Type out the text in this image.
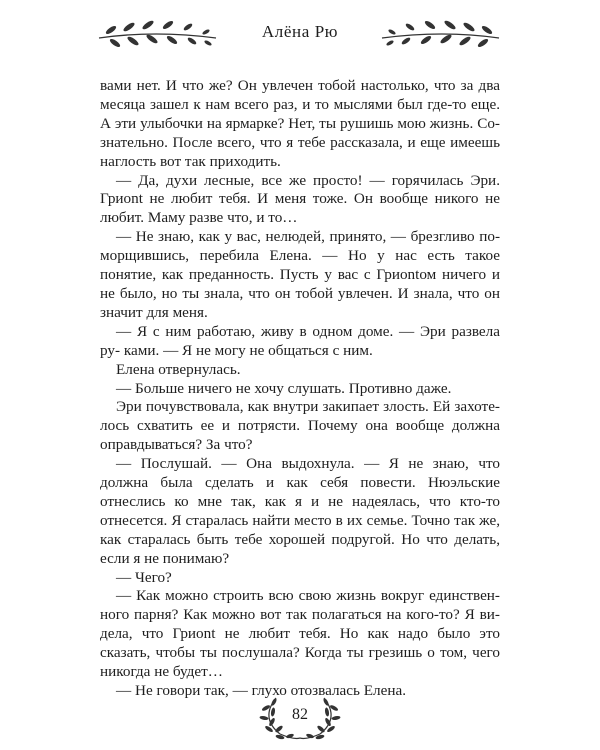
Алёна Рю

вами нет. И что же? Он увлечен тобой настолько, что за два месяца зашел к нам всего раз, и то мыслями был где-то еще. А эти улыбочки на ярмарке? Нет, ты рушишь мою жизнь. Со- знательно. После всего, что я тебе рассказала, и еще имеешь наглость вот так приходить.

— Да, духи лесные, все же просто! — горячилась Эри. Гриont не любит тебя. И меня тоже. Он вообще никого не любит. Маму разве что, и то…

— Не знаю, как у вас, нелюдей, принято, — брезгливо по- морщившись, перебила Елена. — Но у нас есть такое понятие, как преданность. Пусть у вас с Гриontом ничего и не было, но ты знала, что он тобой увлечен. И знала, что он значит для меня.

— Я с ним работаю, живу в одном доме. — Эри развела ру- ками. — Я не могу не общаться с ним.

Елена отвернулась.

— Больше ничего не хочу слушать. Противно даже.

Эри почувствовала, как внутри закипает злость. Ей захоте- лось схватить ее и потрясти. Почему она вообще должна оправдываться? За что?

— Послушай. — Она выдохнула. — Я не знаю, что должна была сделать и как себя повести. Нюэльские отнеслись ко мне так, как я и не надеялась, что кто-то отнесется. Я старалась найти место в их семье. Точно так же, как старалась быть тебе хорошей подругой. Но что делать, если я не понимаю?

— Чего?

— Как можно строить всю свою жизнь вокруг единствен- ного парня? Как можно вот так полагаться на кого-то? Я ви- дела, что Гриont не любит тебя. Но как надо было это сказать, чтобы ты послушала? Когда ты грезишь о том, чего никогда не будет…

— Не говори так, — глухо отозвалась Елена.

82
